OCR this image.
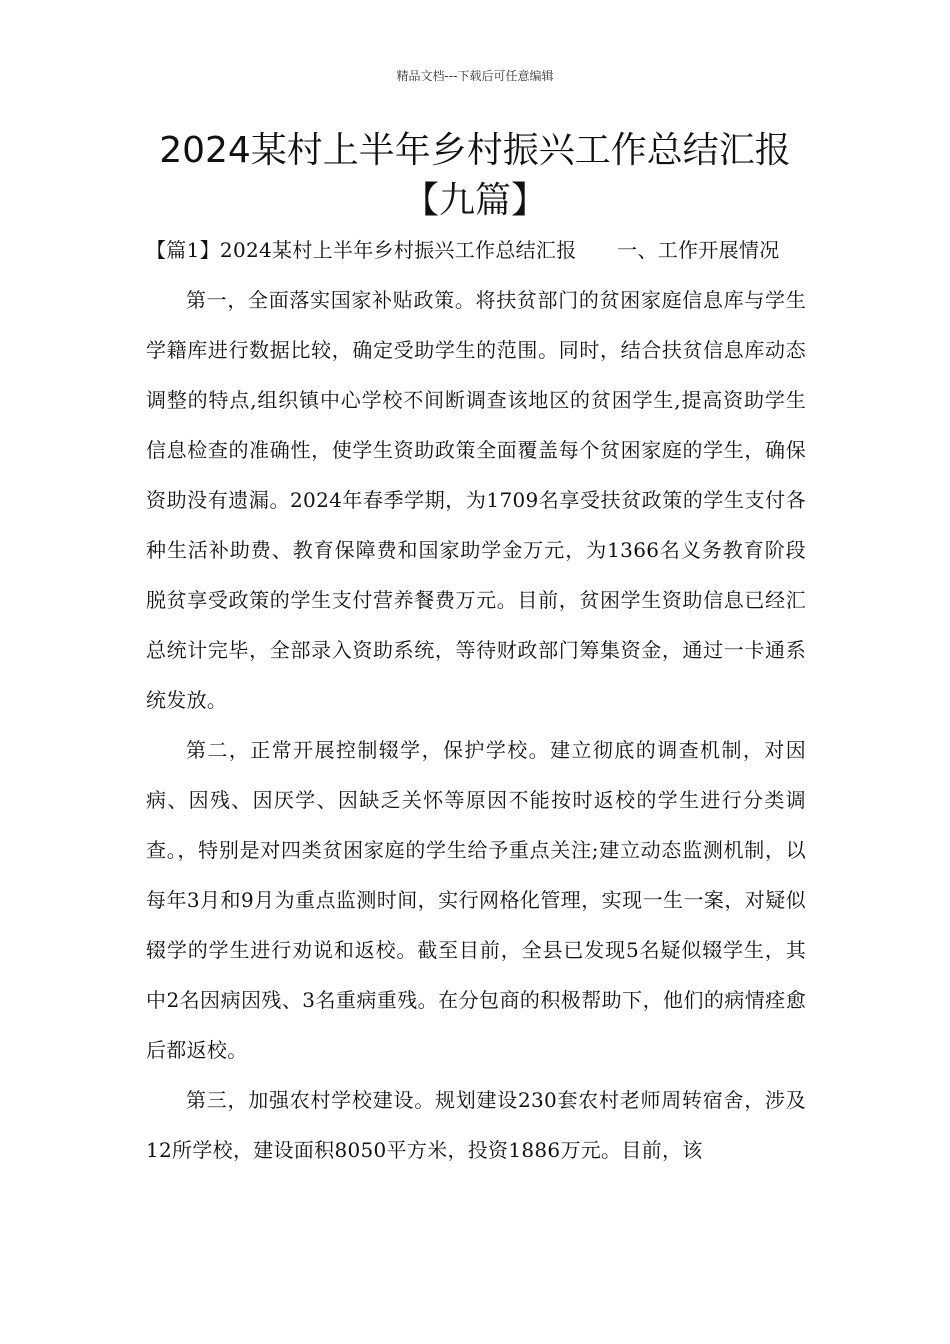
精品文档---下载后可任意编辑
2024某村上半年乡村振兴工作总结汇报
【九篇】

【篇1】2024某村上半年乡村振兴工作总结汇报　　一、工作开展情况

第一，全面落实国家补贴政策。将扶贫部门的贫困家庭信息库与学生学籍库进行数据比较，确定受助学生的范围。同时，结合扶贫信息库动态调整的特点,组织镇中心学校不间断调查该地区的贫困学生,提高资助学生信息检查的准确性，使学生资助政策全面覆盖每个贫困家庭的学生，确保资助没有遗漏。2024年春季学期，为1709名享受扶贫政策的学生支付各种生活补助费、教育保障费和国家助学金万元，为1366名义务教育阶段脱贫享受政策的学生支付营养餐费万元。目前，贫困学生资助信息已经汇总统计完毕，全部录入资助系统，等待财政部门筹集资金，通过一卡通系统发放。

第二，正常开展控制辍学，保护学校。建立彻底的调查机制，对因病、因残、因厌学、因缺乏关怀等原因不能按时返校的学生进行分类调查。，特别是对四类贫困家庭的学生给予重点关注;建立动态监测机制，以每年3月和9月为重点监测时间，实行网格化管理，实现一生一案，对疑似辍学的学生进行劝说和返校。截至目前，全县已发现5名疑似辍学生，其中2名因病因残、3名重病重残。在分包商的积极帮助下，他们的病情痊愈后都返校。

第三，加强农村学校建设。规划建设230套农村老师周转宿舍，涉及12所学校，建设面积8050平方米，投资1886万元。目前，该
